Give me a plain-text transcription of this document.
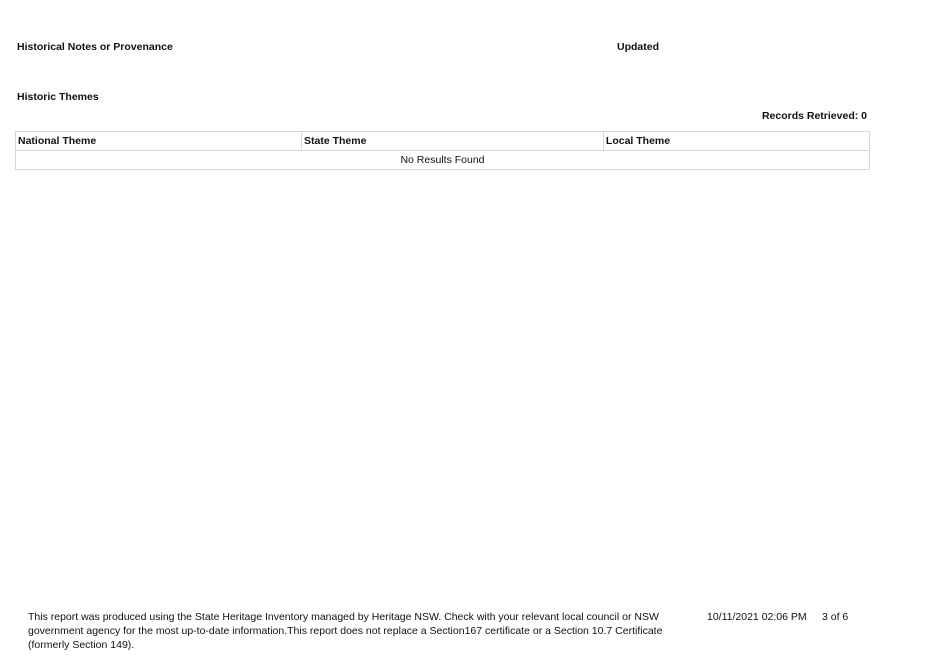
Historical Notes or Provenance	Updated
Historic Themes
Records Retrieved: 0
National Theme	State Theme	Local Theme
No Results Found
This report was produced using the State Heritage Inventory managed by Heritage NSW. Check with your relevant local council or NSW government agency for the most up-to-date information.This report does not replace a Section167 certificate or a Section 10.7 Certificate (formerly Section 149).
10/11/2021 02:06 PM 3 of 6
